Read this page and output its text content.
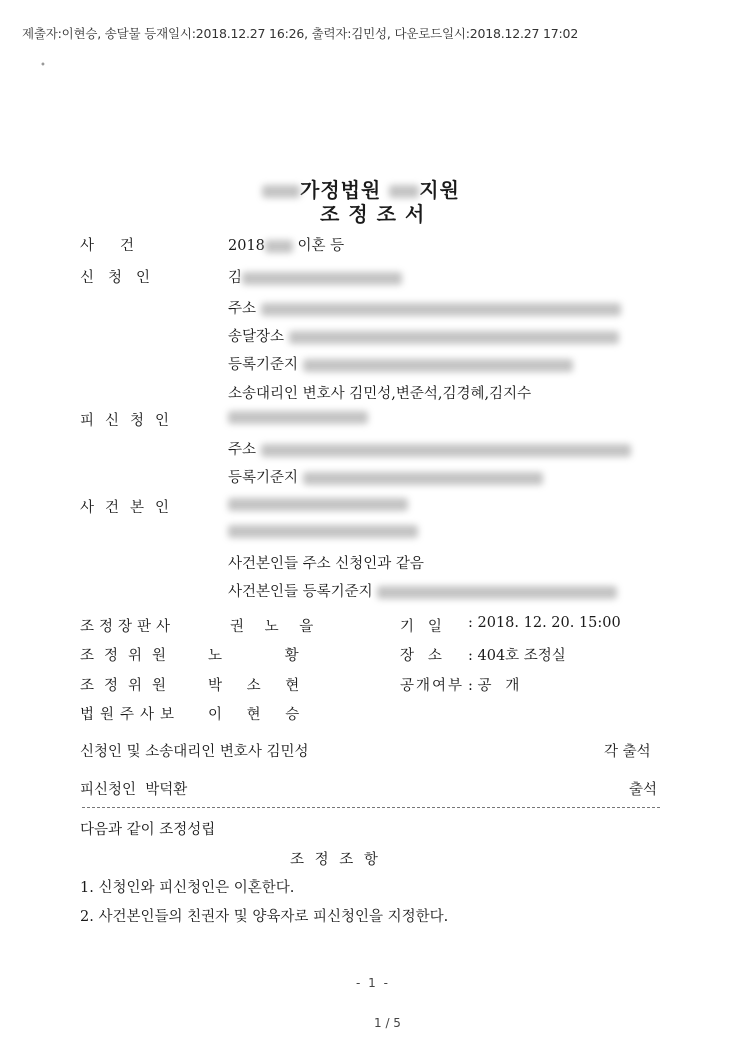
제출자:이현승, 송달물 등재일시:2018.12.27 16:26, 출력자:김민성, 다운로드일시:2018.12.27 17:02
•
가정법원 지원
조정조서
사건	2018 이혼 등
신청인	김
주소
송달장소
등록기준지
소송대리인 변호사 김민성,변준석,김경혜,김지수
피신청인
주소
등록기준지
사건본인
사건본인들 주소 신청인과 같음
사건본인들 등록기준지
조정장판사	권 노 을	기   일 : 2018. 12. 20. 15:00
조정위원 노 황	장   소 : 404호 조정실
조정위원 박 소 현	공개여부 : 공   개
법원주사보 이 현 승
신청인 및 소송대리인 변호사 김민성	각 출석
피신청인  박덕환	출석
다음과 같이 조정성립
조 정 조 항
1. 신청인와 피신청인은 이혼한다.
2. 사건본인들의 친권자 및 양육자로 피신청인을 지정한다.
- 1 -
1 / 5
